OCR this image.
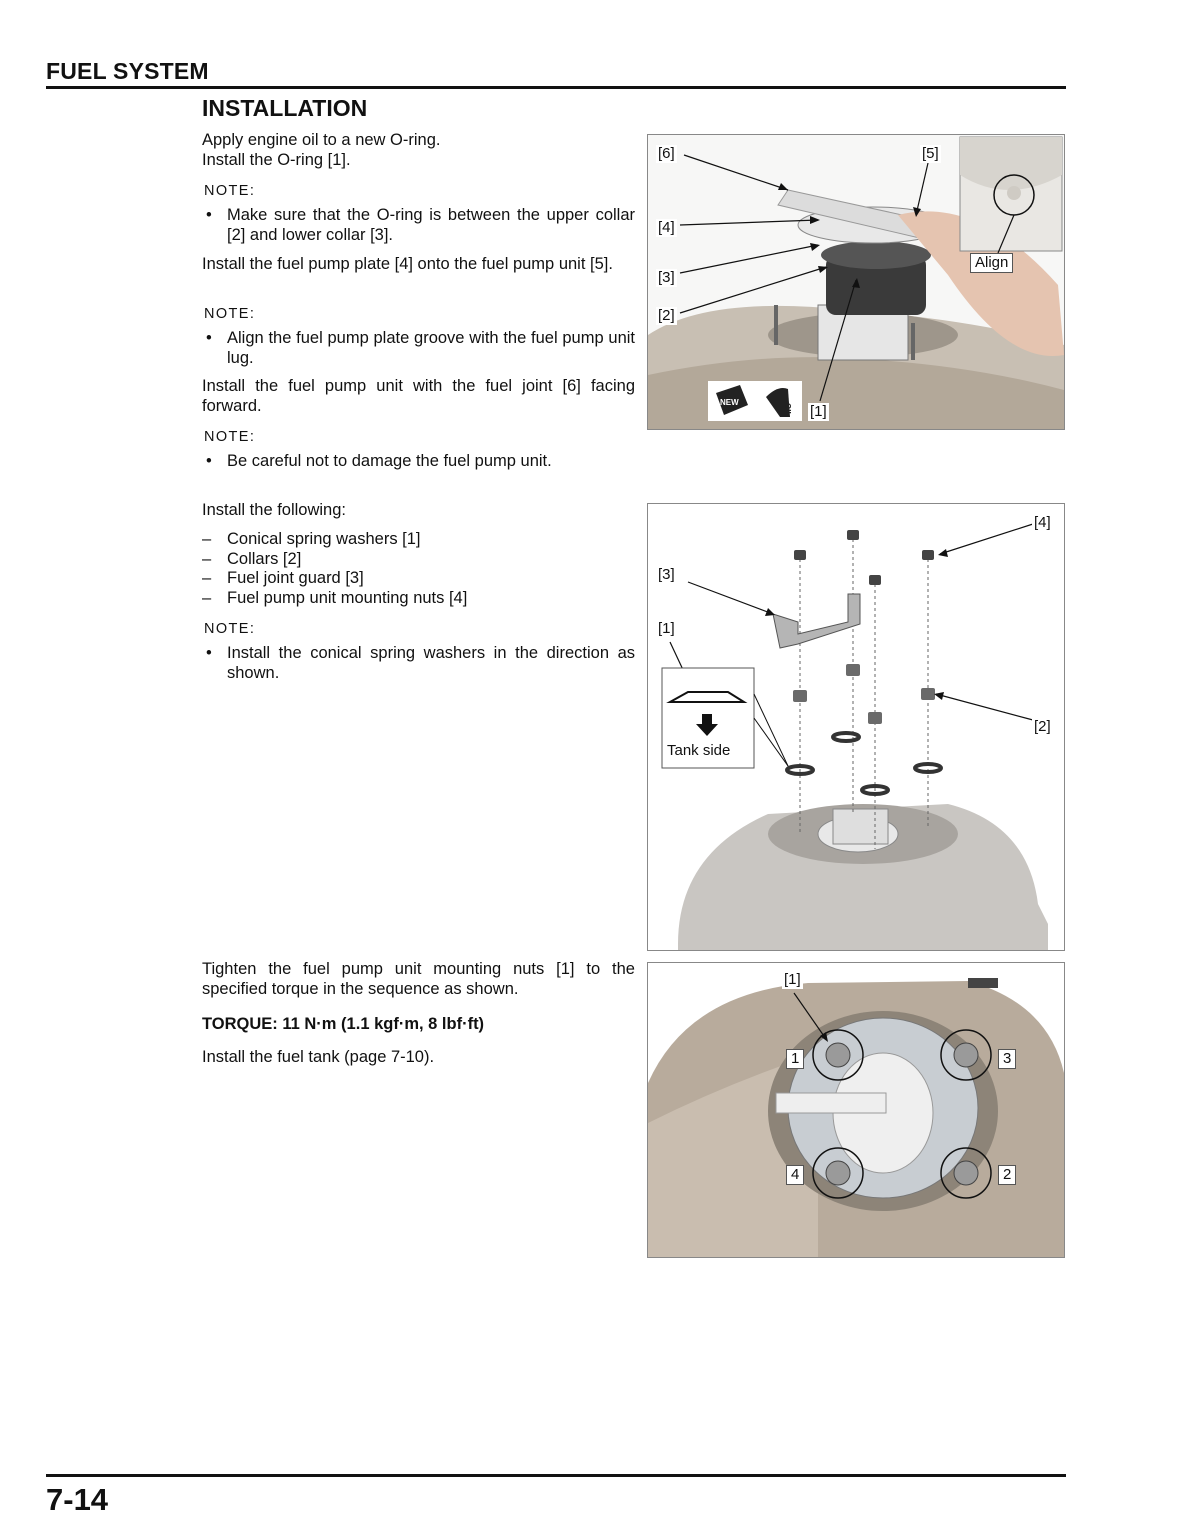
FUEL SYSTEM
INSTALLATION
Apply engine oil to a new O-ring.
Install the O-ring [1].
NOTE:
• Make sure that the O-ring is between the upper collar [2] and lower collar [3].
Install the fuel pump plate [4] onto the fuel pump unit [5].
NOTE:
• Align the fuel pump plate groove with the fuel pump unit lug.
Install the fuel pump unit with the fuel joint [6] facing forward.
NOTE:
• Be careful not to damage the fuel pump unit.
NEW
OIL
[6]	[5]
[4]
[3]
[2]
[1]
Align
Install the following:
– Conical spring washers [1]
– Collars [2]
– Fuel joint guard [3]
– Fuel pump unit mounting nuts [4]
NOTE:
• Install the conical spring washers in the direction as shown.
[4]
[3]
[1]
[2]
Tank side
Tighten the fuel pump unit mounting nuts [1] to the specified torque in the sequence as shown.
TORQUE: 11 N·m (1.1 kgf·m, 8 lbf·ft)
Install the fuel tank (page 7-10).
[1]
1	3
4	2
7-14
